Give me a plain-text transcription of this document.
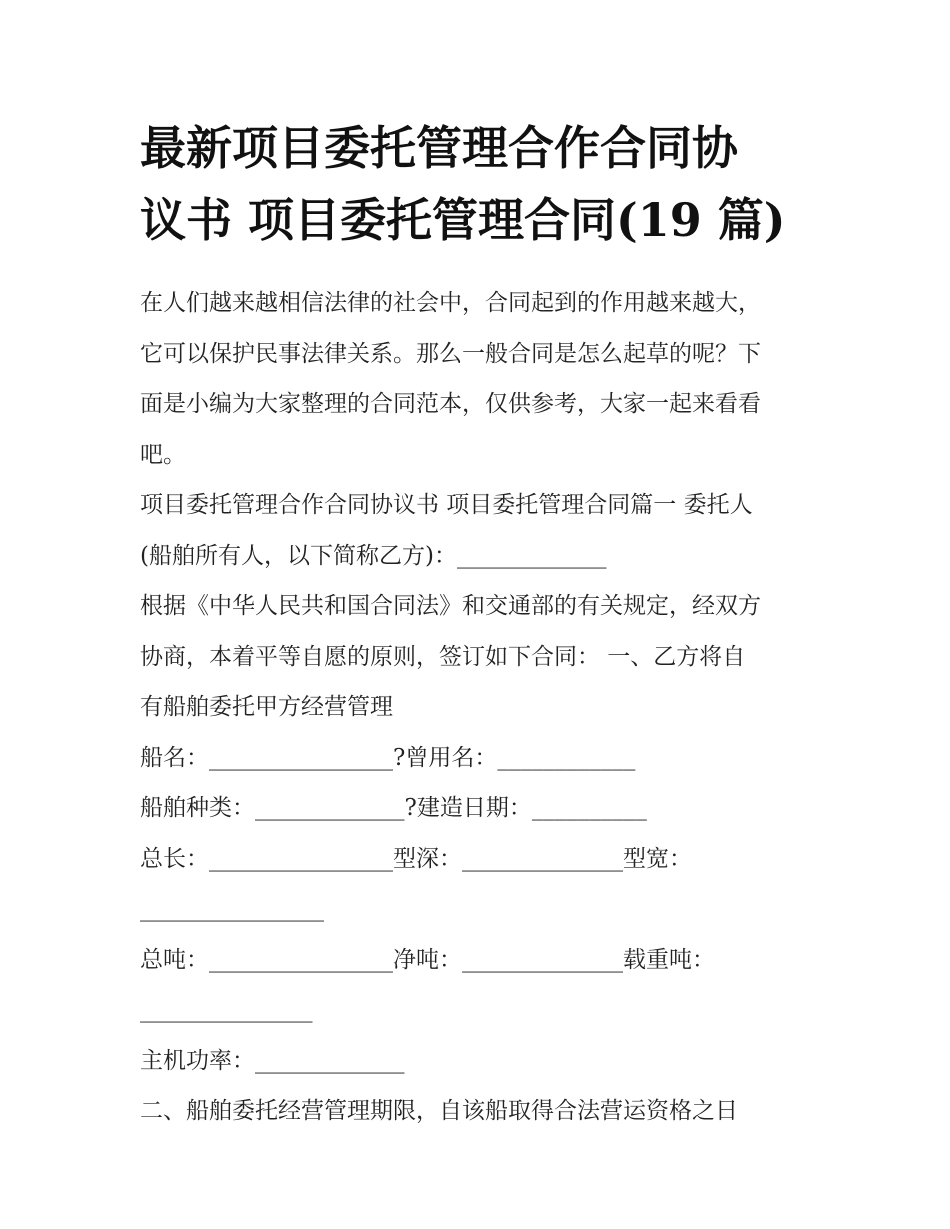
最新项目委托管理合作合同协
议书 项目委托管理合同(19 篇)

在人们越来越相信法律的社会中，合同起到的作用越来越大，
它可以保护民事法律关系。那么一般合同是怎么起草的呢？下
面是小编为大家整理的合同范本，仅供参考，大家一起来看看
吧。

项目委托管理合作合同协议书 项目委托管理合同篇一 委托人
(船舶所有人，以下简称乙方)：_____________

根据《中华人民共和国合同法》和交通部的有关规定，经双方
协商，本着平等自愿的原则，签订如下合同： 一、乙方将自
有船舶委托甲方经营管理

船名：________________?曾用名：____________

船舶种类：_____________?建造日期：__________

总长：________________型深：______________型宽：
________________

总吨：________________净吨：______________载重吨：
_______________

主机功率：_____________

二、船舶委托经营管理期限，自该船取得合法营运资格之日
